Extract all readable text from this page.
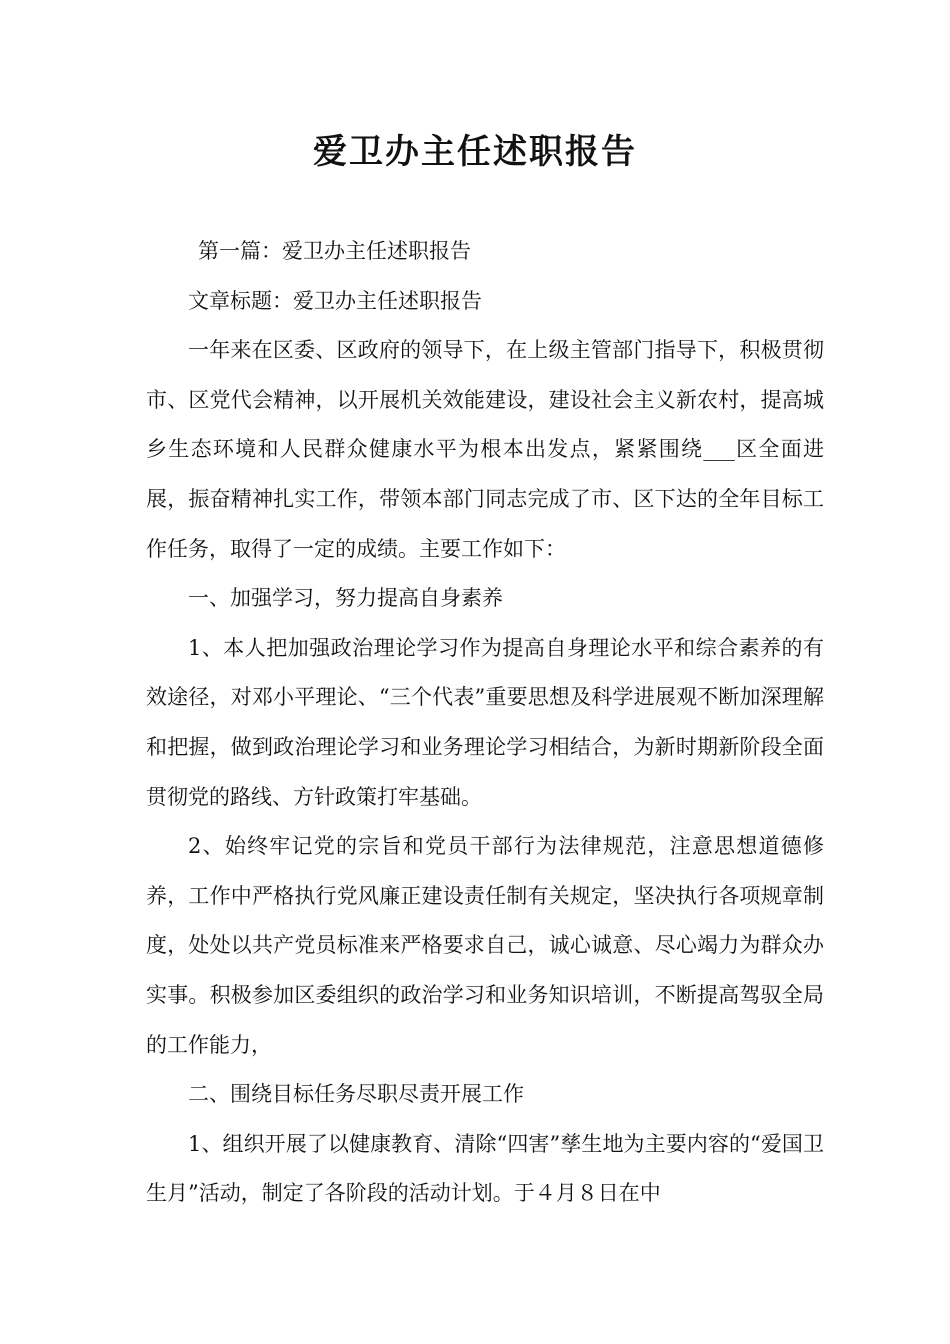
爱卫办主任述职报告

第一篇：爱卫办主任述职报告

文章标题：爱卫办主任述职报告

一年来在区委、区政府的领导下，在上级主管部门指导下，积极贯彻市、区党代会精神，以开展机关效能建设，建设社会主义新农村，提高城乡生态环境和人民群众健康水平为根本出发点，紧紧围绕___区全面进展，振奋精神扎实工作，带领本部门同志完成了市、区下达的全年目标工作任务，取得了一定的成绩。主要工作如下：

一、加强学习，努力提高自身素养

1、本人把加强政治理论学习作为提高自身理论水平和综合素养的有效途径，对邓小平理论、“三个代表”重要思想及科学进展观不断加深理解和把握，做到政治理论学习和业务理论学习相结合，为新时期新阶段全面贯彻党的路线、方针政策打牢基础。

2、始终牢记党的宗旨和党员干部行为法律规范，注意思想道德修养，工作中严格执行党风廉正建设责任制有关规定，坚决执行各项规章制度，处处以共产党员标准来严格要求自己，诚心诚意、尽心竭力为群众办实事。积极参加区委组织的政治学习和业务知识培训，不断提高驾驭全局的工作能力，

二、围绕目标任务尽职尽责开展工作

1、组织开展了以健康教育、清除“四害”孳生地为主要内容的“爱国卫生月”活动，制定了各阶段的活动计划。于４月８日在中
